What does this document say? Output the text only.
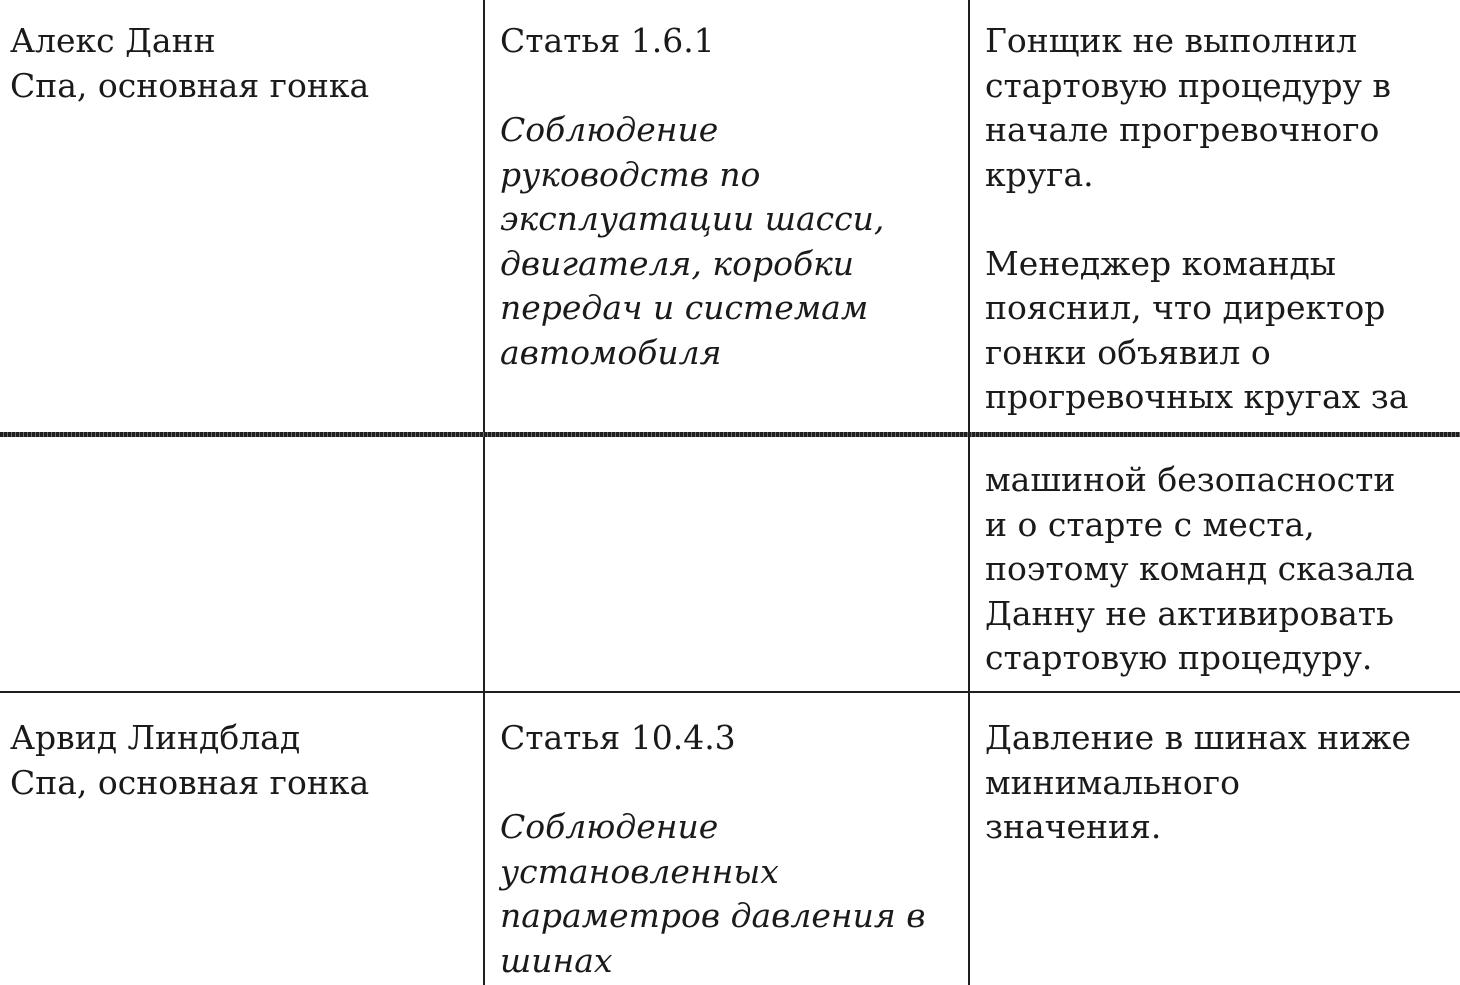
Алекс Данн
Спа, основная гонка
Статья 1.6.1
Соблюдение
руководств по
эксплуатации шасси,
двигателя, коробки
передач и системам
автомобиля
Гонщик не выполнил
стартовую процедуру в
начале прогревочного
круга.
Менеджер команды
пояснил, что директор
гонки объявил о
прогревочных кругах за
машиной безопасности
и о старте с места,
поэтому команд сказала
Данну не активировать
стартовую процедуру.
Арвид Линдблад
Спа, основная гонка
Статья 10.4.3
Соблюдение
установленных
параметров давления в
шинах
Давление в шинах ниже
минимального
значения.
